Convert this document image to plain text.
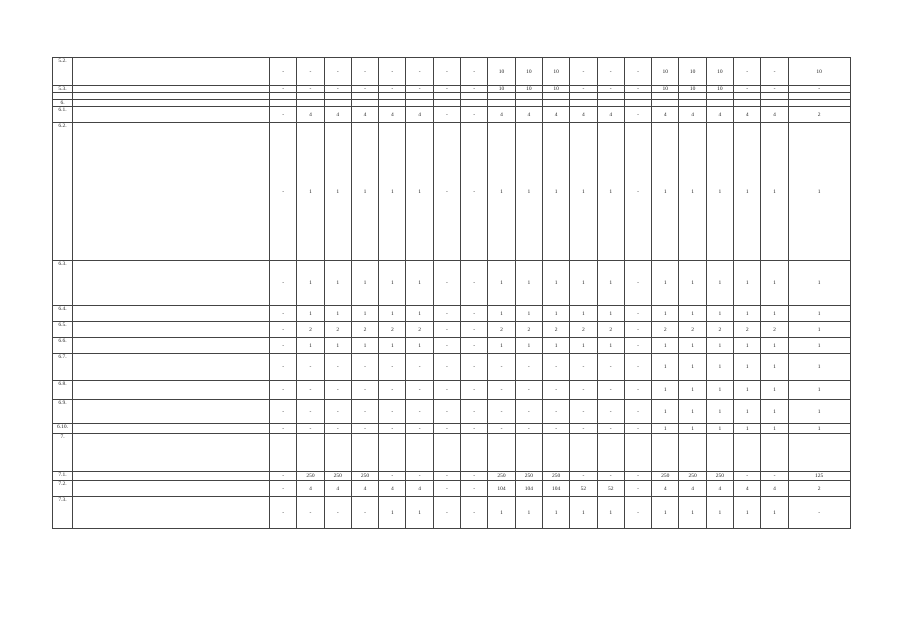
5.2.		-	-	-	-	-	-	-	-	10	10	10	-	-	-	10	10	10	-	-	10
5.3.		-	-	-	-	-	-	-	-	10	10	10	-	-	-	10	10	10	-	-	-

6.																					
6.1.		-	4	4	4	4	4	-	-	4	4	4	4	4	-	4	4	4	4	4	2
6.2.		-	1	1	1	1	1	-	-	1	1	1	1	1	-	1	1	1	1	1	1
6.3.		-	1	1	1	1	1	-	-	1	1	1	1	1	-	1	1	1	1	1	1
6.4.		-	1	1	1	1	1	-	-	1	1	1	1	1	-	1	1	1	1	1	1
6.5.		-	2	2	2	2	2	-	-	2	2	2	2	2	-	2	2	2	2	2	1
6.6.		-	1	1	1	1	1	-	-	1	1	1	1	1	-	1	1	1	1	1	1
6.7.		-	-	-	-	-	-	-	-	-	-	-	-	-	-	1	1	1	1	1	1
6.8.		-	-	-	-	-	-	-	-	-	-	-	-	-	-	1	1	1	1	1	1
6.9.		-	-	-	-	-	-	-	-	-	-	-	-	-	-	1	1	1	1	1	1
6.10.		-	-	-	-	-	-	-	-	-	-	-	-	-	-	1	1	1	1	1	1
7.																					
7.1.		-	250	250	250	-	-	-	-	250	250	250	-	-	-	250	250	250	-	-	125
7.2.		-	4	4	4	4	4	-	-	104	104	104	52	52	-	4	4	4	4	4	2
7.3.		-	-	-	-	1	1	-	-	1	1	1	1	1	-	1	1	1	1	1	-
